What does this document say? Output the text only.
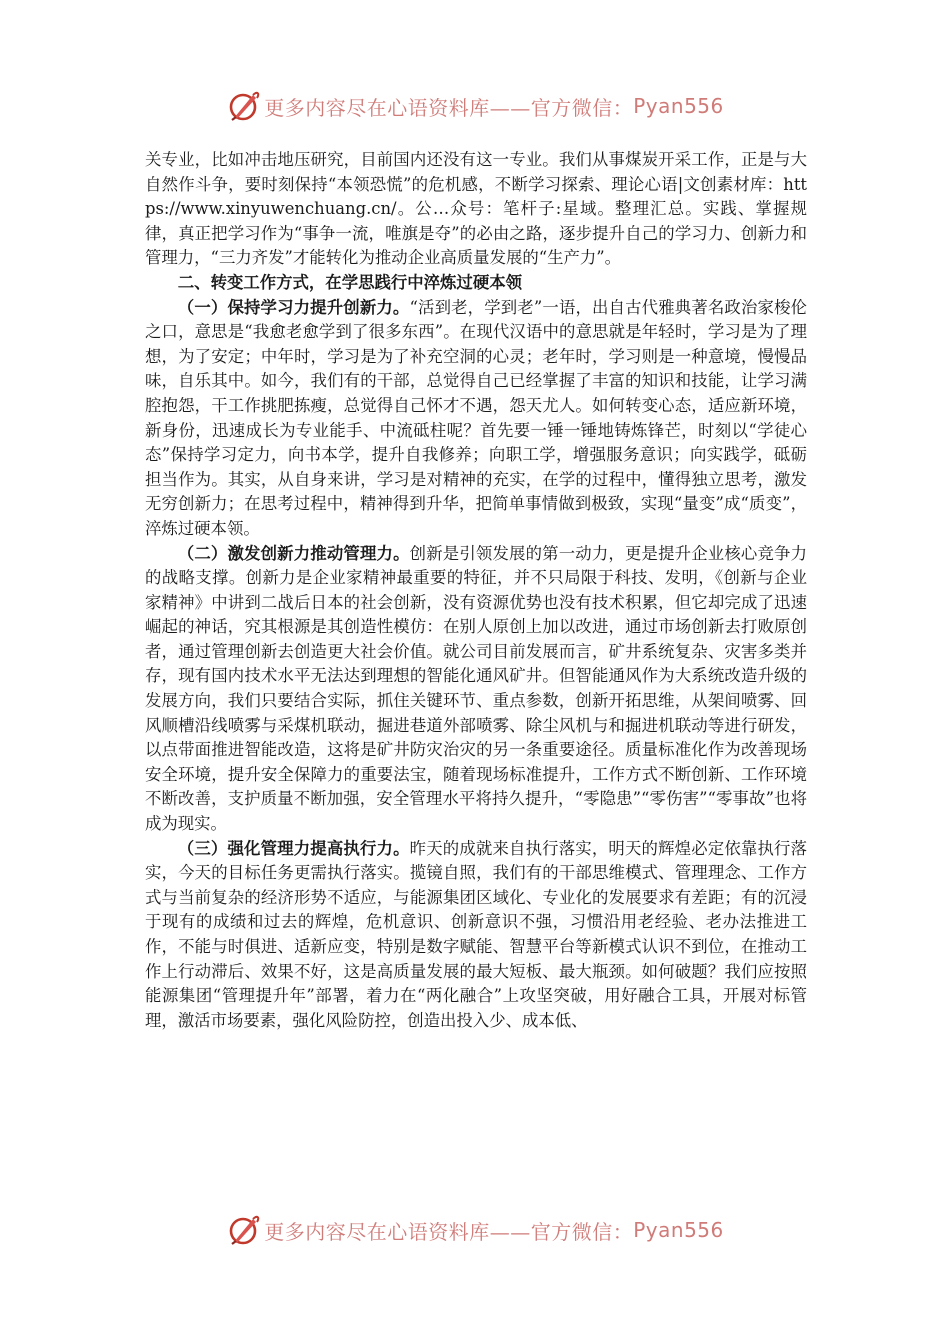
更多内容尽在心语资料库——官方微信： Pyan556

关专业，比如冲击地压研究，目前国内还没有这一专业。我们从事煤炭开采工作，正是与大自然作斗争，要时刻保持“本领恐慌”的危机感，不断学习探索、理论心语|文创素材库：https://www.xinyuwenchuang.cn/。公…众号：笔杆子:星域。整理汇总。实践、掌握规律，真正把学习作为“事争一流，唯旗是夺”的必由之路，逐步提升自己的学习力、创新力和管理力，“三力齐发”才能转化为推动企业高质量发展的“生产力”。

二、转变工作方式，在学思践行中淬炼过硬本领

（一）保持学习力提升创新力。“活到老，学到老”一语，出自古代雅典著名政治家梭伦之口，意思是“我愈老愈学到了很多东西”。在现代汉语中的意思就是年轻时，学习是为了理想，为了安定；中年时，学习是为了补充空洞的心灵；老年时，学习则是一种意境，慢慢品味，自乐其中。如今，我们有的干部，总觉得自己已经掌握了丰富的知识和技能，让学习满腔抱怨，干工作挑肥拣瘦，总觉得自己怀才不遇，怨天尤人。如何转变心态，适应新环境，新身份，迅速成长为专业能手、中流砥柱呢？首先要一锤一锤地铸炼锋芒，时刻以“学徒心态”保持学习定力，向书本学，提升自我修养；向职工学，增强服务意识；向实践学，砥砺担当作为。其实，从自身来讲，学习是对精神的充实，在学的过程中，懂得独立思考，激发无穷创新力；在思考过程中，精神得到升华，把简单事情做到极致，实现“量变”成“质变”，淬炼过硬本领。

（二）激发创新力推动管理力。创新是引领发展的第一动力，更是提升企业核心竞争力的战略支撑。创新力是企业家精神最重要的特征，并不只局限于科技、发明，《创新与企业家精神》中讲到二战后日本的社会创新，没有资源优势也没有技术积累，但它却完成了迅速崛起的神话，究其根源是其创造性模仿：在别人原创上加以改进，通过市场创新去打败原创者，通过管理创新去创造更大社会价值。就公司目前发展而言，矿井系统复杂、灾害多类并存，现有国内技术水平无法达到理想的智能化通风矿井。但智能通风作为大系统改造升级的发展方向，我们只要结合实际，抓住关键环节、重点参数，创新开拓思维，从架间喷雾、回风顺槽沿线喷雾与采煤机联动，掘进巷道外部喷雾、除尘风机与和掘进机联动等进行研发，以点带面推进智能改造，这将是矿井防灾治灾的另一条重要途径。质量标准化作为改善现场安全环境，提升安全保障力的重要法宝，随着现场标准提升，工作方式不断创新、工作环境不断改善，支护质量不断加强，安全管理水平将持久提升，“零隐患”“零伤害”“零事故”也将成为现实。

（三）强化管理力提高执行力。昨天的成就来自执行落实，明天的辉煌必定依靠执行落实，今天的目标任务更需执行落实。揽镜自照，我们有的干部思维模式、管理理念、工作方式与当前复杂的经济形势不适应，与能源集团区域化、专业化的发展要求有差距；有的沉浸于现有的成绩和过去的辉煌，危机意识、创新意识不强，习惯沿用老经验、老办法推进工作，不能与时俱进、适新应变，特别是数字赋能、智慧平台等新模式认识不到位，在推动工作上行动滞后、效果不好，这是高质量发展的最大短板、最大瓶颈。如何破题？我们应按照能源集团“管理提升年”部署，着力在“两化融合”上攻坚突破，用好融合工具，开展对标管理，激活市场要素，强化风险防控，创造出投入少、成本低、

更多内容尽在心语资料库——官方微信： Pyan556
